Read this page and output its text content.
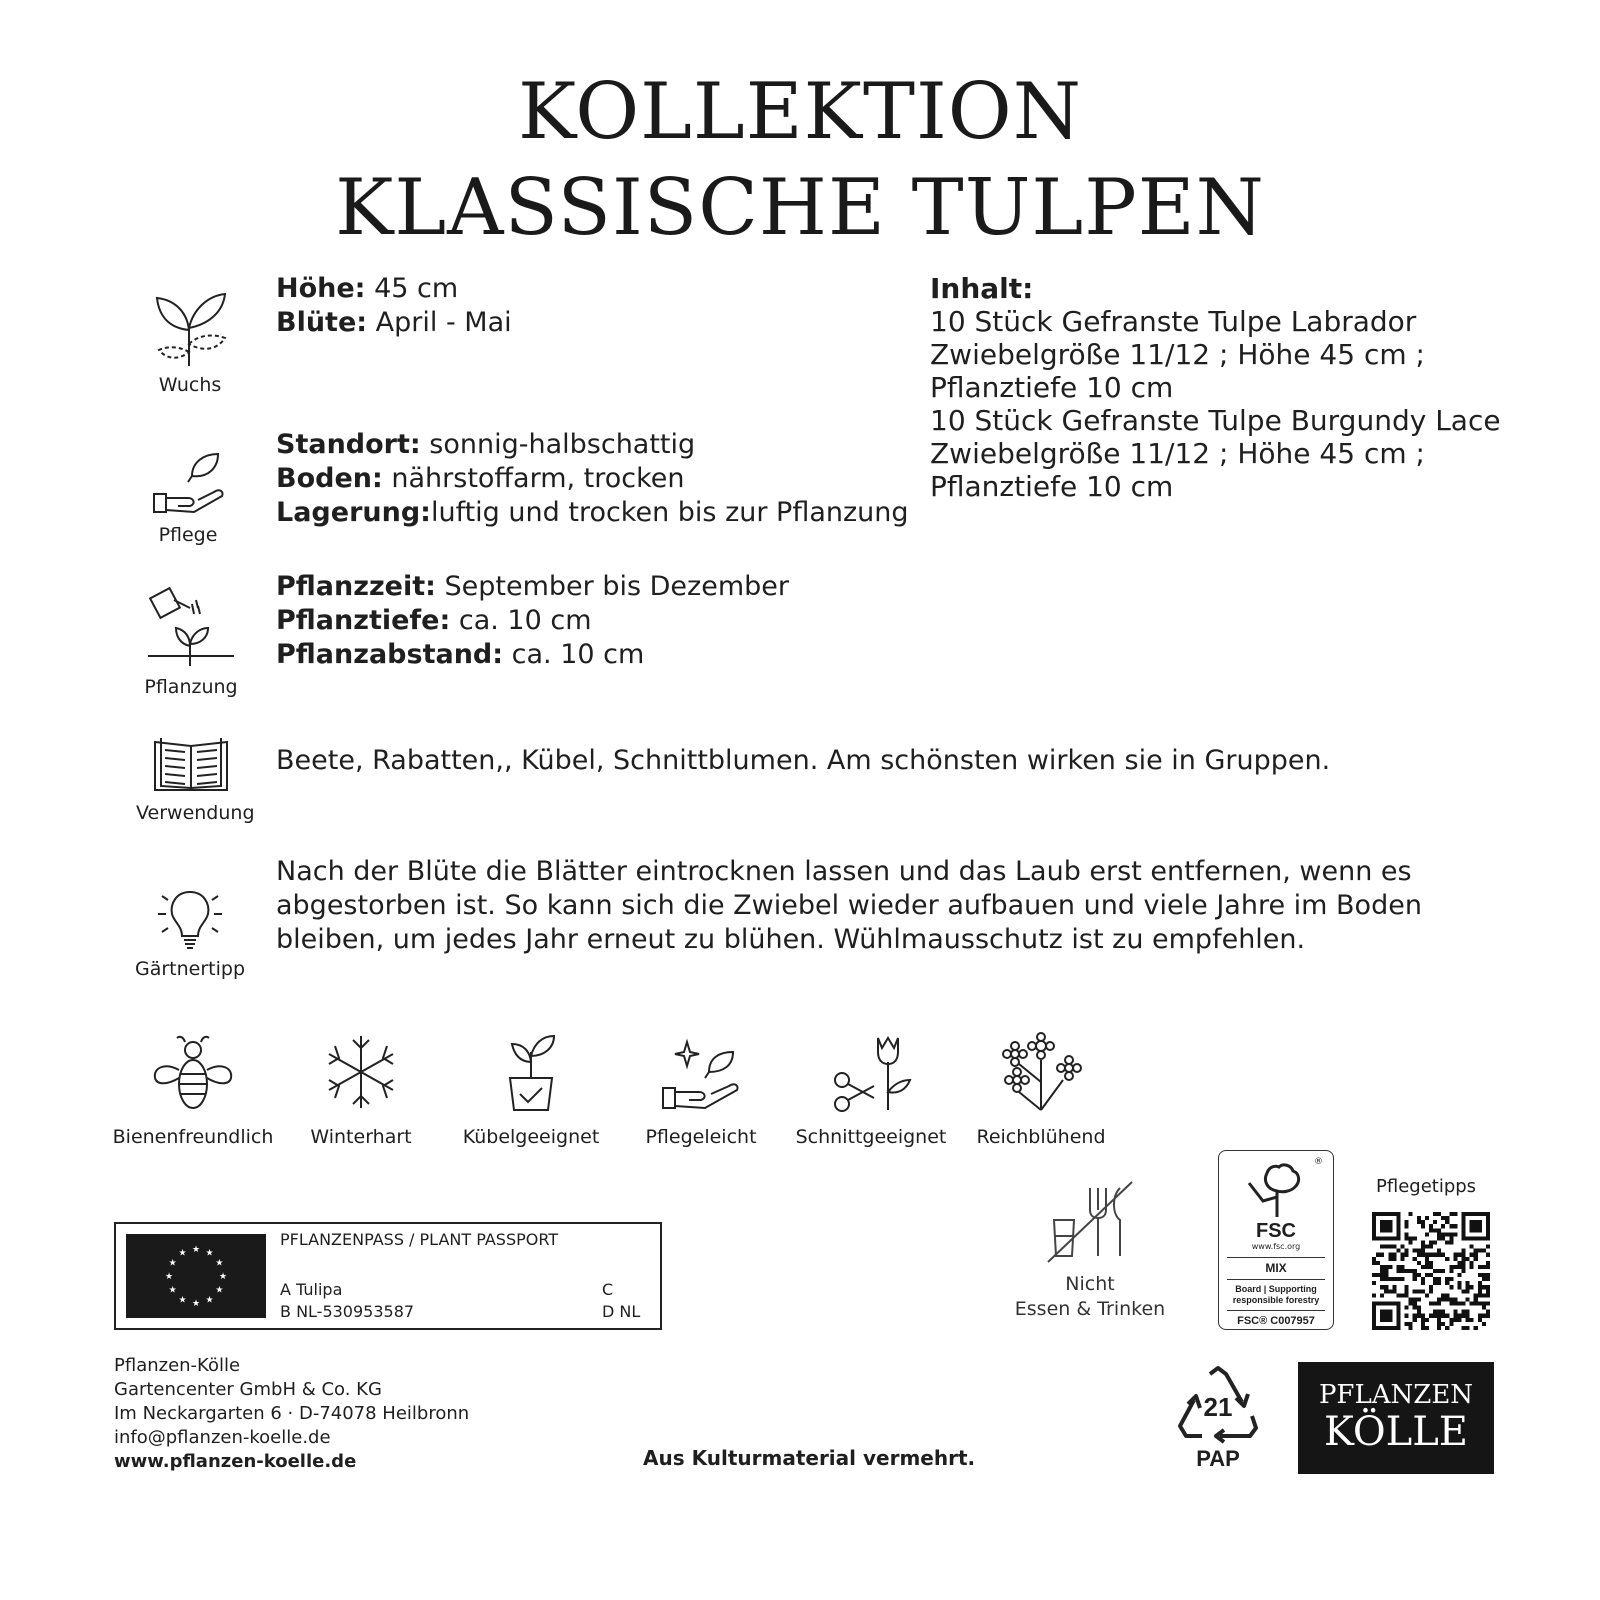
KOLLEKTION
KLASSISCHE TULPEN
Wuchs
Höhe: 45 cm
Blüte: April - Mai
Pflege
Standort: sonnig-halbschattig
Boden: nährstoffarm, trocken
Lagerung:luftig und trocken bis zur Pflanzung
Pflanzung
Pflanzzeit: September bis Dezember
Pflanztiefe: ca. 10 cm
Pflanzabstand: ca. 10 cm
Verwendung
Beete, Rabatten,, Kübel, Schnittblumen. Am schönsten wirken sie in Gruppen.
Gärtnertipp
Nach der Blüte die Blätter eintrocknen lassen und das Laub erst entfernen, wenn es
abgestorben ist. So kann sich die Zwiebel wieder aufbauen und viele Jahre im Boden
bleiben, um jedes Jahr erneut zu blühen. Wühlmausschutz ist zu empfehlen.
Inhalt:
10 Stück Gefranste Tulpe Labrador
Zwiebelgröße 11/12 ; Höhe 45 cm ;
Pflanztiefe 10 cm
10 Stück Gefranste Tulpe Burgundy Lace
Zwiebelgröße 11/12 ; Höhe 45 cm ;
Pflanztiefe 10 cm
Bienenfreundlich	Winterhart	Kübelgeeignet	Pflegeleicht	Schnittgeeignet	Reichblühend
★ ★
★
★
★
★
★
★
★
★
★
★
PFLANZENPASS / PLANT PASSPORT
A Tulipa
B NL-530953587
C
D NL
Pflanzen-Kölle
Gartencenter GmbH & Co. KG
Im Neckargarten 6 · D-74078 Heilbronn
info@pflanzen-koelle.de
www.pflanzen-koelle.de	Aus Kulturmaterial vermehrt.
Nicht
Essen & Trinken
®
FSC
www.fsc.org
MIX
Board | Supporting
responsible forestry
FSC® C007957
Pflegetipps
21
PAP
PFLANZEN
KÖLLE
